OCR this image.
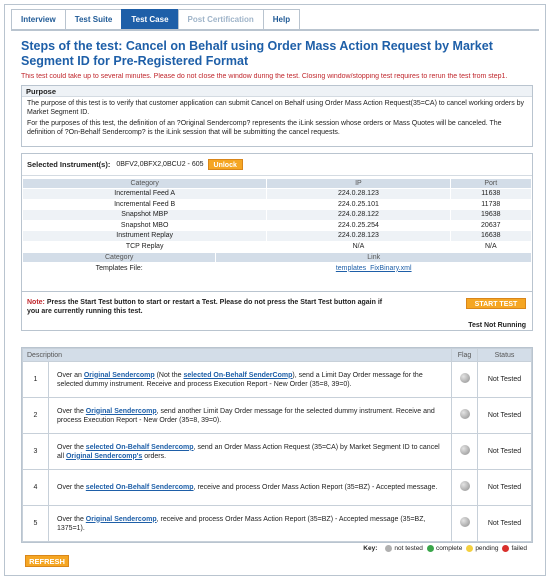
Interview	Test Suite	Test Case	Post Certification	Help
Steps of the test: Cancel on Behalf using Order Mass Action Request by Market Segment ID for Pre-Registered Format
This test could take up to several minutes. Please do not close the window during the test. Closing window/stopping test requires to rerun the test from step1.
Purpose

The purpose of this test is to verify that customer application can submit Cancel on Behalf using Order Mass Action Request(35=CA) to cancel working orders by Market Segment ID.

For the purposes of this test, the definition of an ?Original Sendercomp? represents the iLink session whose orders or Mass Quotes will be canceled. The definition of ?On-Behalf Sendercomp? is the iLink session that will be submitting the cancel requests.

Selected Instrument(s): 0BFV2,0BFX2,0BCU2 - 605	Unlock
Category	IP	Port
Incremental Feed A	224.0.28.123	11638
Incremental Feed B	224.0.25.101	11738
Snapshot MBP	224.0.28.122	19638
Snapshot MBO	224.0.25.254	20637
Instrument Replay	224.0.28.123	16638
TCP Replay	N/A	N/A
Category	Link
Templates File:	templates_FixBinary.xml
Note: Press the Start Test button to start or restart a Test. Please do not press the Start Test button again if you are currently running this test.
START TEST
Test Not Running
Description		Flag	Status
1	Over an Original Sendercomp (Not the selected On-Behalf SenderComp), send a Limit Day Order message for the selected dummy instrument. Receive and process Execution Report - New Order (35=8, 39=0).		Not Tested
2	Over the Original Sendercomp, send another Limit Day Order message for the selected dummy instrument. Receive and process Execution Report - New Order (35=8, 39=0).		Not Tested
3	Over the selected On-Behalf Sendercomp, send an Order Mass Action Request (35=CA) by Market Segment ID to cancel all Original Sendercomp's orders.		Not Tested
4	Over the selected On-Behalf Sendercomp, receive and process Order Mass Action Report (35=BZ) - Accepted message.		Not Tested
5	Over the Original Sendercomp, receive and process Order Mass Action Report (35=BZ) - Accepted message (35=BZ, 1375=1).		Not Tested
Key:	not tested complete pending failed
REFRESH
